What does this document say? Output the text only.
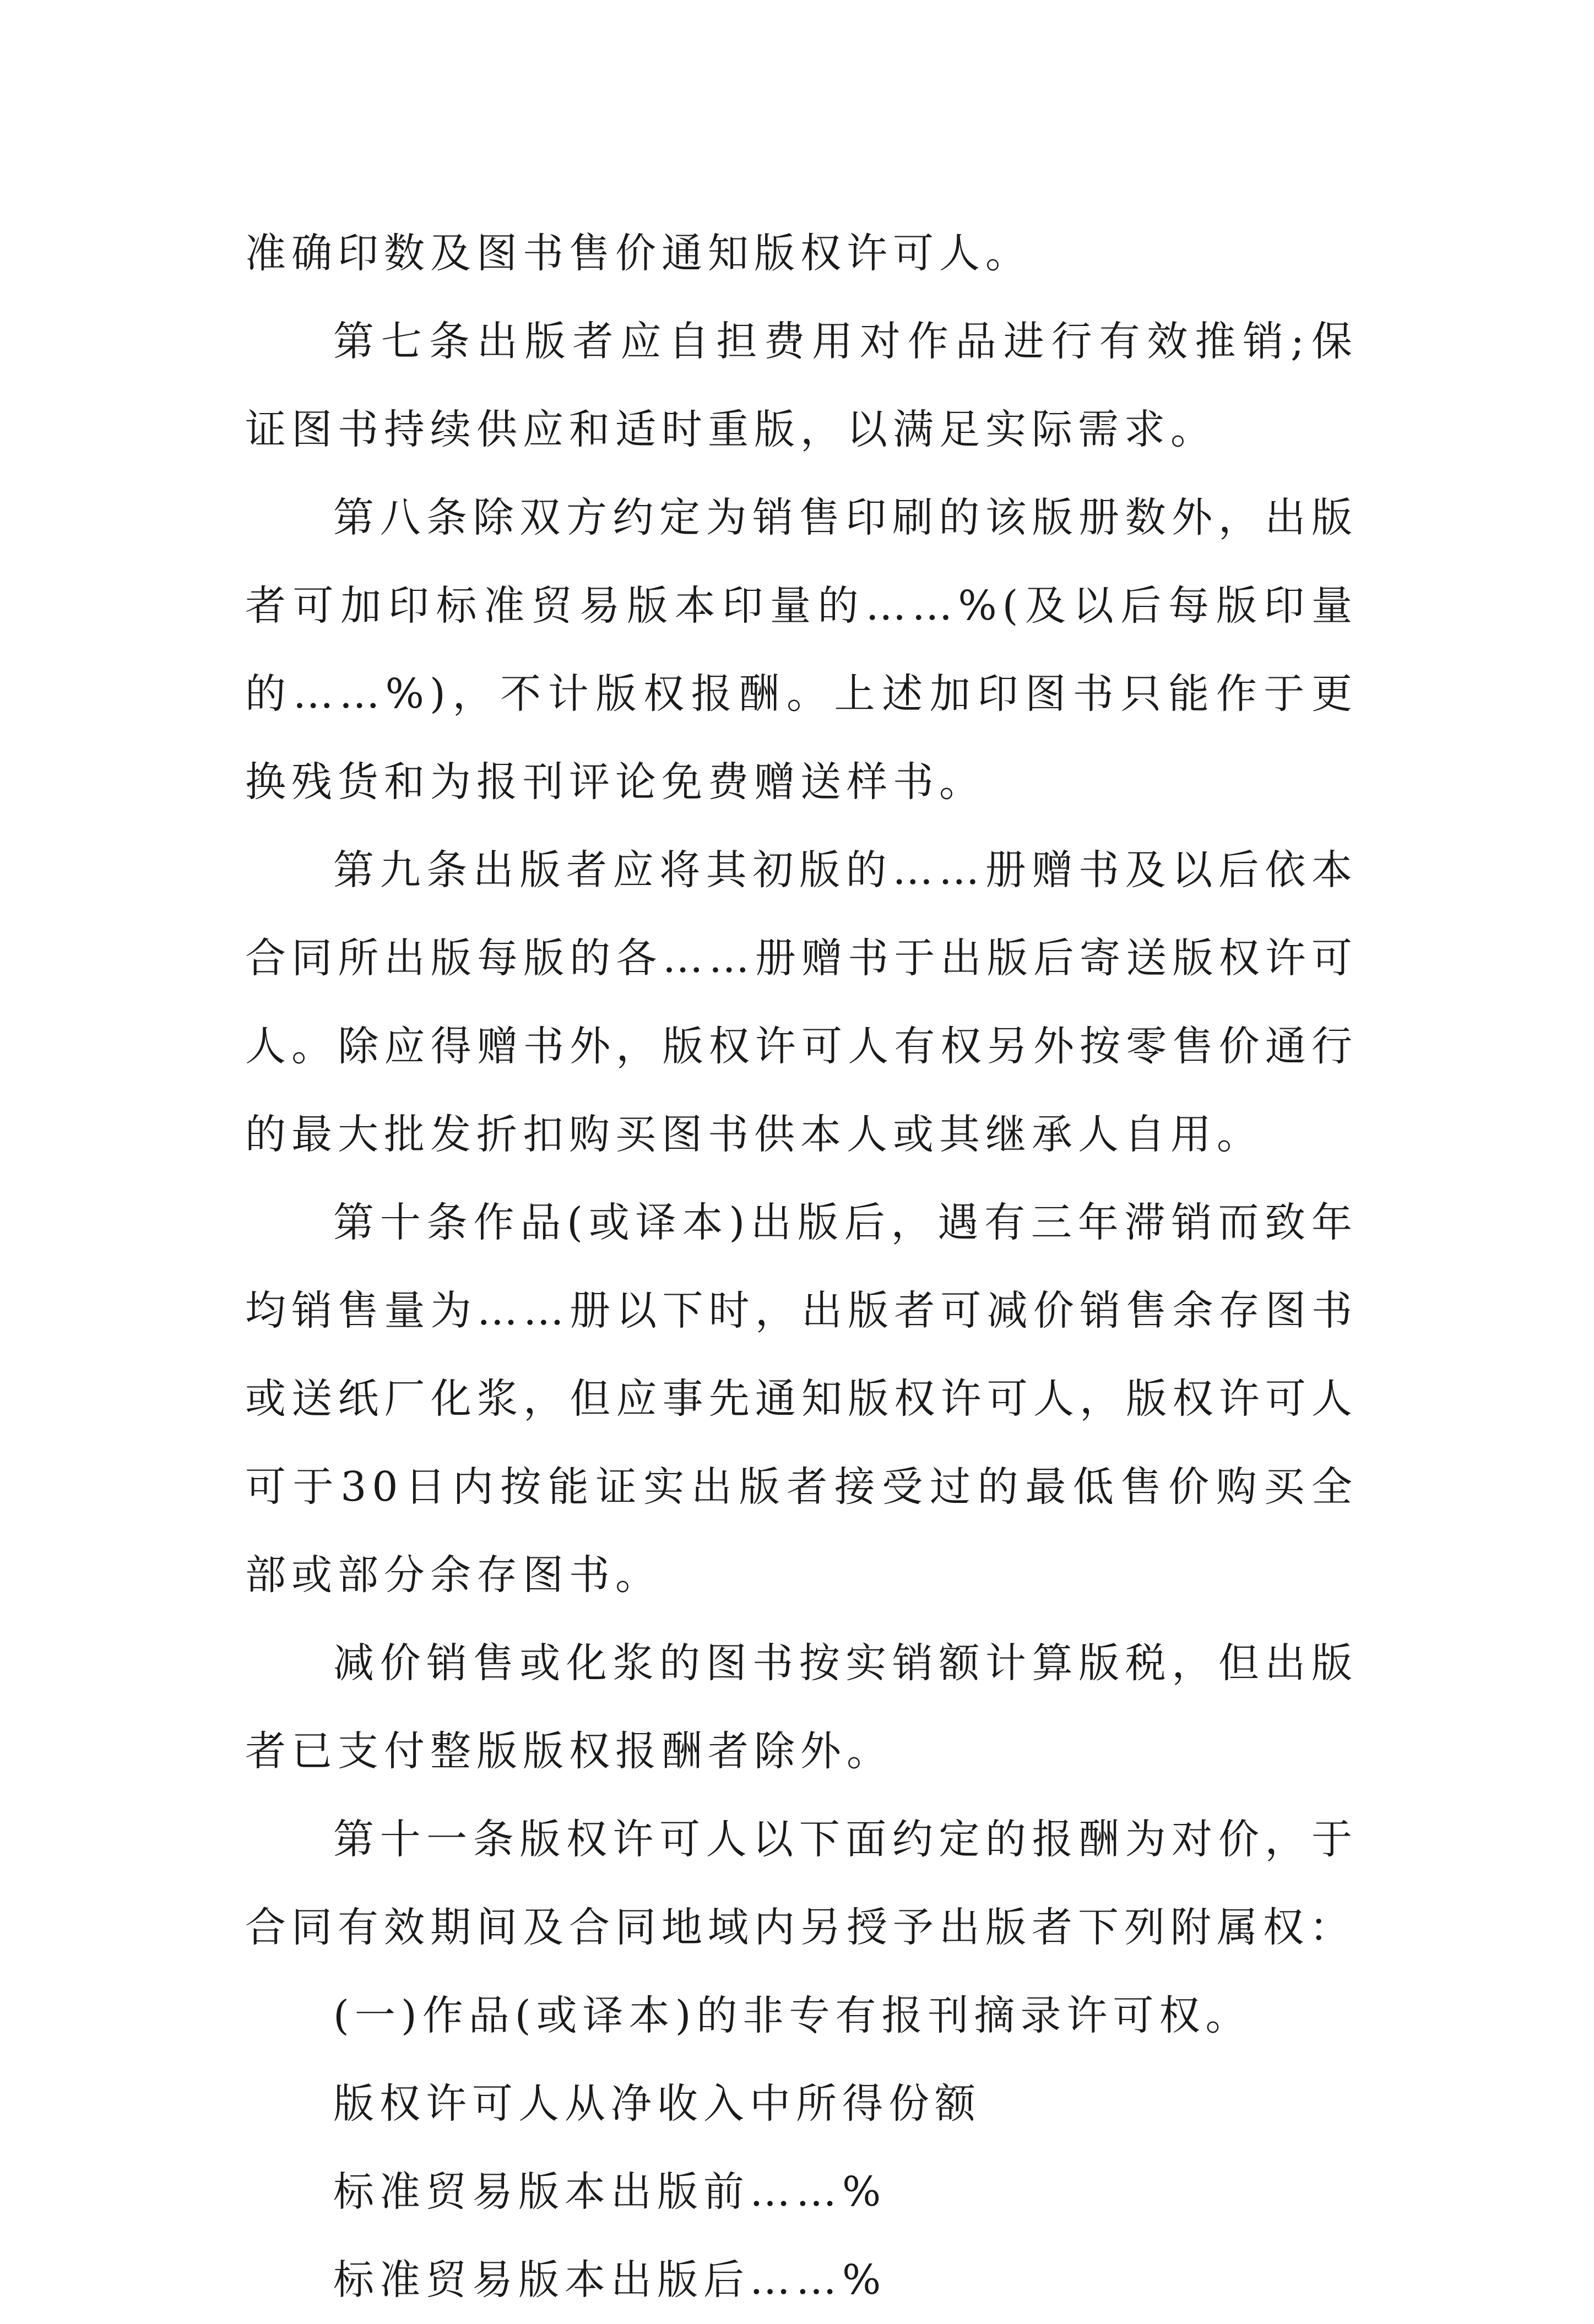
准确印数及图书售价通知版权许可人。

第七条出版者应自担费用对作品进行有效推销;保证图书持续供应和适时重版，以满足实际需求。

第八条除双方约定为销售印刷的该版册数外，出版者可加印标准贸易版本印量的……%(及以后每版印量的……%)，不计版权报酬。上述加印图书只能作于更换残货和为报刊评论免费赠送样书。

第九条出版者应将其初版的……册赠书及以后依本合同所出版每版的各……册赠书于出版后寄送版权许可人。除应得赠书外，版权许可人有权另外按零售价通行的最大批发折扣购买图书供本人或其继承人自用。

第十条作品(或译本)出版后，遇有三年滞销而致年均销售量为……册以下时，出版者可减价销售余存图书或送纸厂化浆，但应事先通知版权许可人，版权许可人可于30日内按能证实出版者接受过的最低售价购买全部或部分余存图书。

减价销售或化浆的图书按实销额计算版税，但出版者已支付整版版权报酬者除外。

第十一条版权许可人以下面约定的报酬为对价，于合同有效期间及合同地域内另授予出版者下列附属权：

(一)作品(或译本)的非专有报刊摘录许可权。

版权许可人从净收入中所得份额

标准贸易版本出版前……%

标准贸易版本出版后……%
